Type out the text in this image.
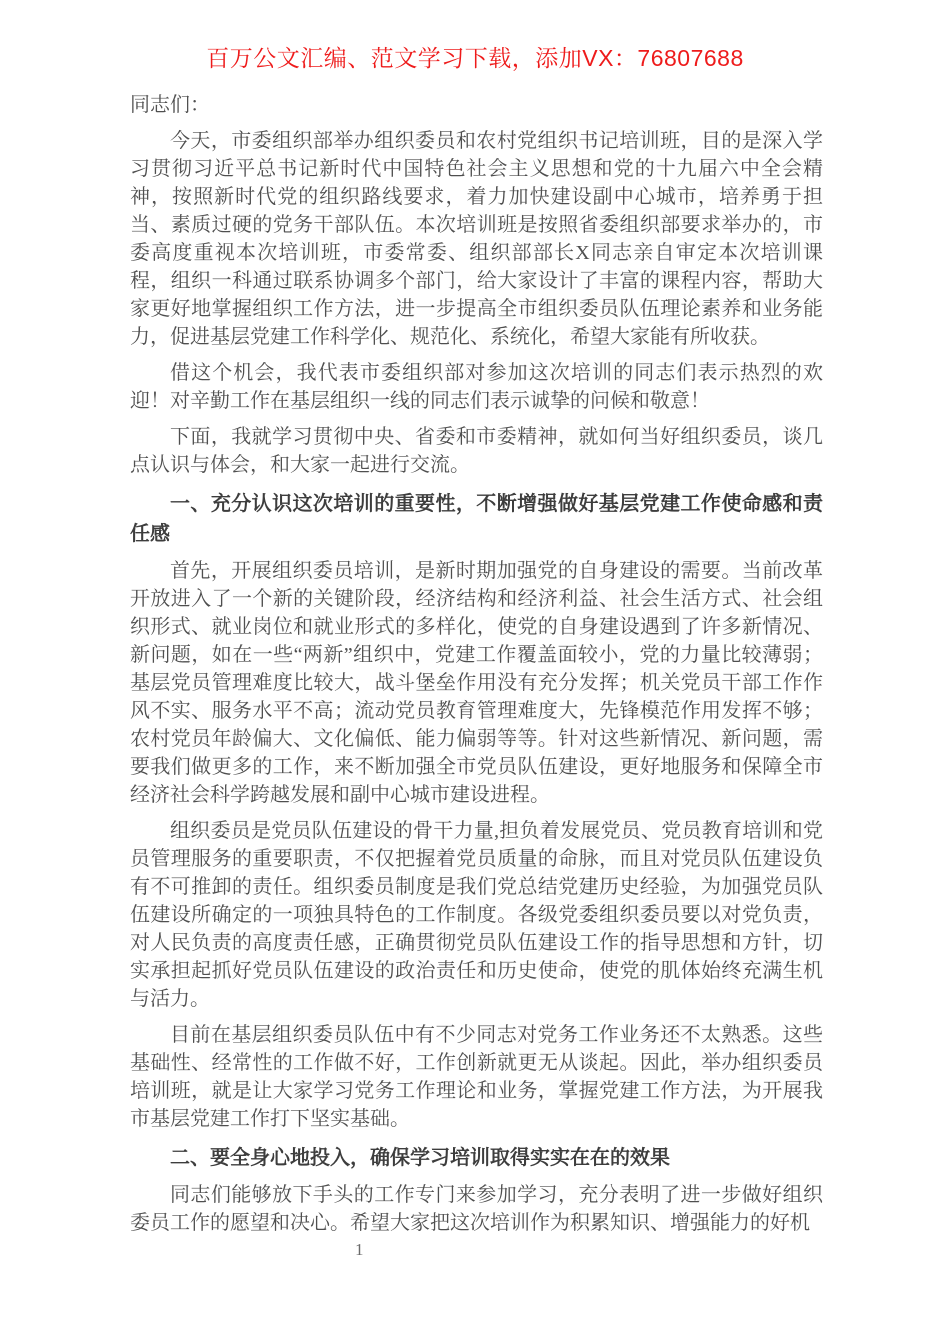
百万公文汇编、范文学习下载，添加VX：76807688

同志们：

今天，市委组织部举办组织委员和农村党组织书记培训班，目的是深入学习贯彻习近平总书记新时代中国特色社会主义思想和党的十九届六中全会精神，按照新时代党的组织路线要求，着力加快建设副中心城市，培养勇于担当、素质过硬的党务干部队伍。本次培训班是按照省委组织部要求举办的，市委高度重视本次培训班，市委常委、组织部部长X同志亲自审定本次培训课程，组织一科通过联系协调多个部门，给大家设计了丰富的课程内容，帮助大家更好地掌握组织工作方法，进一步提高全市组织委员队伍理论素养和业务能力，促进基层党建工作科学化、规范化、系统化，希望大家能有所收获。

借这个机会，我代表市委组织部对参加这次培训的同志们表示热烈的欢迎！对辛勤工作在基层组织一线的同志们表示诚挚的问候和敬意！

下面，我就学习贯彻中央、省委和市委精神，就如何当好组织委员，谈几点认识与体会，和大家一起进行交流。

一、充分认识这次培训的重要性，不断增强做好基层党建工作使命感和责任感

首先，开展组织委员培训，是新时期加强党的自身建设的需要。当前改革开放进入了一个新的关键阶段，经济结构和经济利益、社会生活方式、社会组织形式、就业岗位和就业形式的多样化，使党的自身建设遇到了许多新情况、新问题，如在一些“两新”组织中，党建工作覆盖面较小，党的力量比较薄弱；基层党员管理难度比较大，战斗堡垒作用没有充分发挥；机关党员干部工作作风不实、服务水平不高；流动党员教育管理难度大，先锋模范作用发挥不够；农村党员年龄偏大、文化偏低、能力偏弱等等。针对这些新情况、新问题，需要我们做更多的工作，来不断加强全市党员队伍建设，更好地服务和保障全市经济社会科学跨越发展和副中心城市建设进程。

组织委员是党员队伍建设的骨干力量,担负着发展党员、党员教育培训和党员管理服务的重要职责，不仅把握着党员质量的命脉，而且对党员队伍建设负有不可推卸的责任。组织委员制度是我们党总结党建历史经验，为加强党员队伍建设所确定的一项独具特色的工作制度。各级党委组织委员要以对党负责，对人民负责的高度责任感，正确贯彻党员队伍建设工作的指导思想和方针，切实承担起抓好党员队伍建设的政治责任和历史使命，使党的肌体始终充满生机与活力。

目前在基层组织委员队伍中有不少同志对党务工作业务还不太熟悉。这些基础性、经常性的工作做不好，工作创新就更无从谈起。因此，举办组织委员培训班，就是让大家学习党务工作理论和业务，掌握党建工作方法，为开展我市基层党建工作打下坚实基础。

二、要全身心地投入，确保学习培训取得实实在在的效果

同志们能够放下手头的工作专门来参加学习，充分表明了进一步做好组织委员工作的愿望和决心。希望大家把这次培训作为积累知识、增强能力的好机

1
